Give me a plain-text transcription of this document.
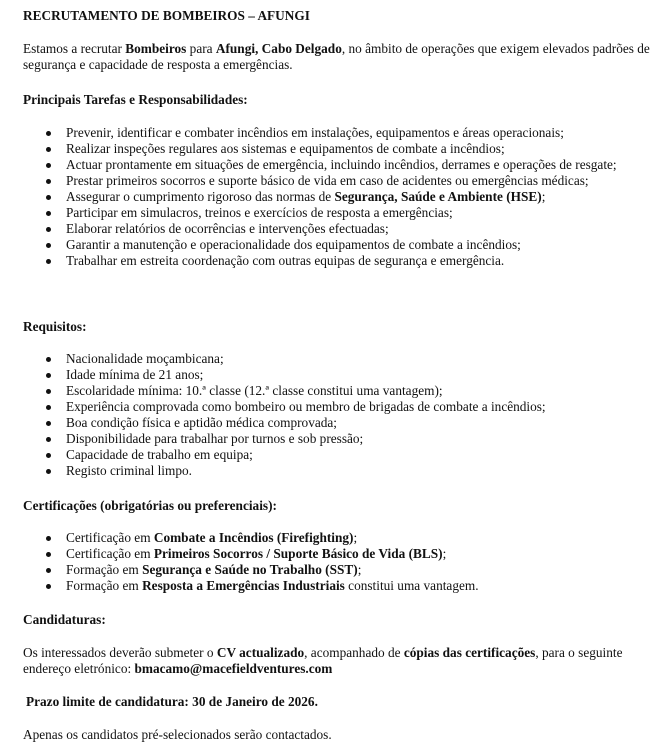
RECRUTAMENTO DE BOMBEIROS – AFUNGI
Estamos a recrutar Bombeiros para Afungi, Cabo Delgado, no âmbito de operações que exigem elevados padrões de segurança e capacidade de resposta a emergências.
Principais Tarefas e Responsabilidades:
Prevenir, identificar e combater incêndios em instalações, equipamentos e áreas operacionais;
Realizar inspeções regulares aos sistemas e equipamentos de combate a incêndios;
Actuar prontamente em situações de emergência, incluindo incêndios, derrames e operações de resgate;
Prestar primeiros socorros e suporte básico de vida em caso de acidentes ou emergências médicas;
Assegurar o cumprimento rigoroso das normas de Segurança, Saúde e Ambiente (HSE);
Participar em simulacros, treinos e exercícios de resposta a emergências;
Elaborar relatórios de ocorrências e intervenções efectuadas;
Garantir a manutenção e operacionalidade dos equipamentos de combate a incêndios;
Trabalhar em estreita coordenação com outras equipas de segurança e emergência.
Requisitos:
Nacionalidade moçambicana;
Idade mínima de 21 anos;
Escolaridade mínima: 10.ª classe (12.ª classe constitui uma vantagem);
Experiência comprovada como bombeiro ou membro de brigadas de combate a incêndios;
Boa condição física e aptidão médica comprovada;
Disponibilidade para trabalhar por turnos e sob pressão;
Capacidade de trabalho em equipa;
Registo criminal limpo.
Certificações (obrigatórias ou preferenciais):
Certificação em Combate a Incêndios (Firefighting);
Certificação em Primeiros Socorros / Suporte Básico de Vida (BLS);
Formação em Segurança e Saúde no Trabalho (SST);
Formação em Resposta a Emergências Industriais constitui uma vantagem.
Candidaturas:
Os interessados deverão submeter o CV actualizado, acompanhado de cópias das certificações, para o seguinte endereço eletrónico: bmacamo@macefieldventures.com
Prazo limite de candidatura: 30 de Janeiro de 2026.
Apenas os candidatos pré-selecionados serão contactados.
